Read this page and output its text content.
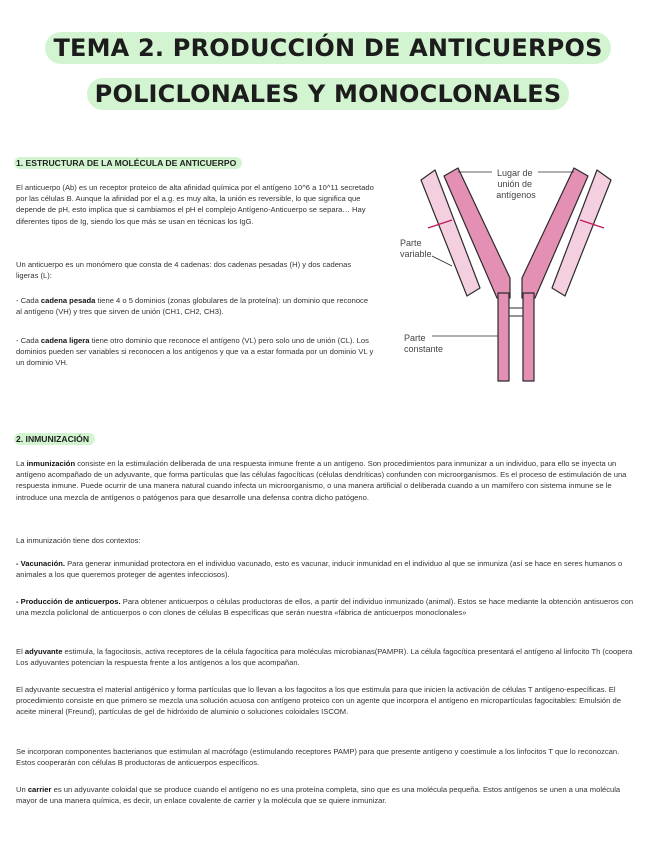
TEMA 2. PRODUCCIÓN DE ANTICUERPOS
POLICLONALES Y MONOCLONALES
1. ESTRUCTURA DE LA MOLÉCULA DE ANTICUERPO

El anticuerpo (Ab) es un receptor proteico de alta afinidad química por el antígeno 10^6 a 10^11 secretado por las células B. Aunque la afinidad por el a.g. es muy alta, la unión es reversible, lo que significa que depende de pH, esto implica que si cambiamos el pH el complejo Antígeno-Anticuerpo se separa… Hay diferentes tipos de Ig, siendo los que más se usan en técnicas los IgG.

Un anticuerpo es un monómero que consta de 4 cadenas: dos cadenas pesadas (H) y dos cadenas ligeras (L):

- Cada cadena pesada tiene 4 o 5 dominios (zonas globulares de la proteína): un dominio que reconoce al antígeno (VH) y tres que sirven de unión (CH1, CH2, CH3).

- Cada cadena ligera tiene otro dominio que reconoce el antígeno (VL) pero solo uno de unión (CL). Los dominios pueden ser variables si reconocen a los antígenos y que va a estar formada por un dominio VL y un dominio VH.

Lugar de unión de antígenos
Parte variable
Parte constante
2. INMUNIZACIÓN

La inmunización consiste en la estimulación deliberada de una respuesta inmune frente a un antígeno. Son procedimientos para inmunizar a un individuo, para ello se inyecta un antígeno acompañado de un adyuvante, que forma partículas que las células fagocíticas (células dendríticas) confunden con microorganismos. Es el proceso de estimulación de una respuesta inmune. Puede ocurrir de una manera natural cuando infecta un microorganismo, o una manera artificial o deliberada cuando a un mamífero con sistema inmune se le introduce una mezcla de antígenos o patógenos para que desarrolle una defensa contra dicho patógeno.

La inmunización tiene dos contextos:

- Vacunación. Para generar inmunidad protectora en el individuo vacunado, esto es vacunar, inducir inmunidad en el individuo al que se inmuniza (así se hace en seres humanos o animales a los que queremos proteger de agentes infecciosos).

- Producción de anticuerpos. Para obtener anticuerpos o células productoras de ellos, a partir del individuo inmunizado (animal). Estos se hace mediante la obtención antisueros con una mezcla policlonal de anticuerpos o con clones de células B específicas que serán nuestra «fábrica de anticuerpos monoclonales»

El adyuvante estimula, la fagocitosis, activa receptores de la célula fagocítica para moléculas microbianas(PAMPR). La célula fagocítica presentará el antígeno al linfocito Th (coopera Los adyuvantes potencian la respuesta frente a los antígenos a los que acompañan.

El adyuvante secuestra el material antigénico y forma partículas que lo llevan a los fagocitos a los que estimula para que inicien la activación de células T antígeno-específicas. El procedimiento consiste en que primero se mezcla una solución acuosa con antígeno proteico con un agente que incorpora el antígeno en micropartículas fagocitables: Emulsión de aceite mineral (Freund), partículas de gel de hidróxido de aluminio o soluciones coloidales ISCOM.

Se incorporan componentes bacterianos que estimulan al macrófago (estimulando receptores PAMP) para que presente antígeno y coestimule a los linfocitos T que lo reconozcan. Estos cooperarán con células B productoras de anticuerpos específicos.

Un carrier es un adyuvante coloidal que se produce cuando el antígeno no es una proteína completa, sino que es una molécula pequeña. Estos antígenos se unen a una molécula mayor de una manera química, es decir, un enlace covalente de carrier y la molécula que se quiere inmunizar.
